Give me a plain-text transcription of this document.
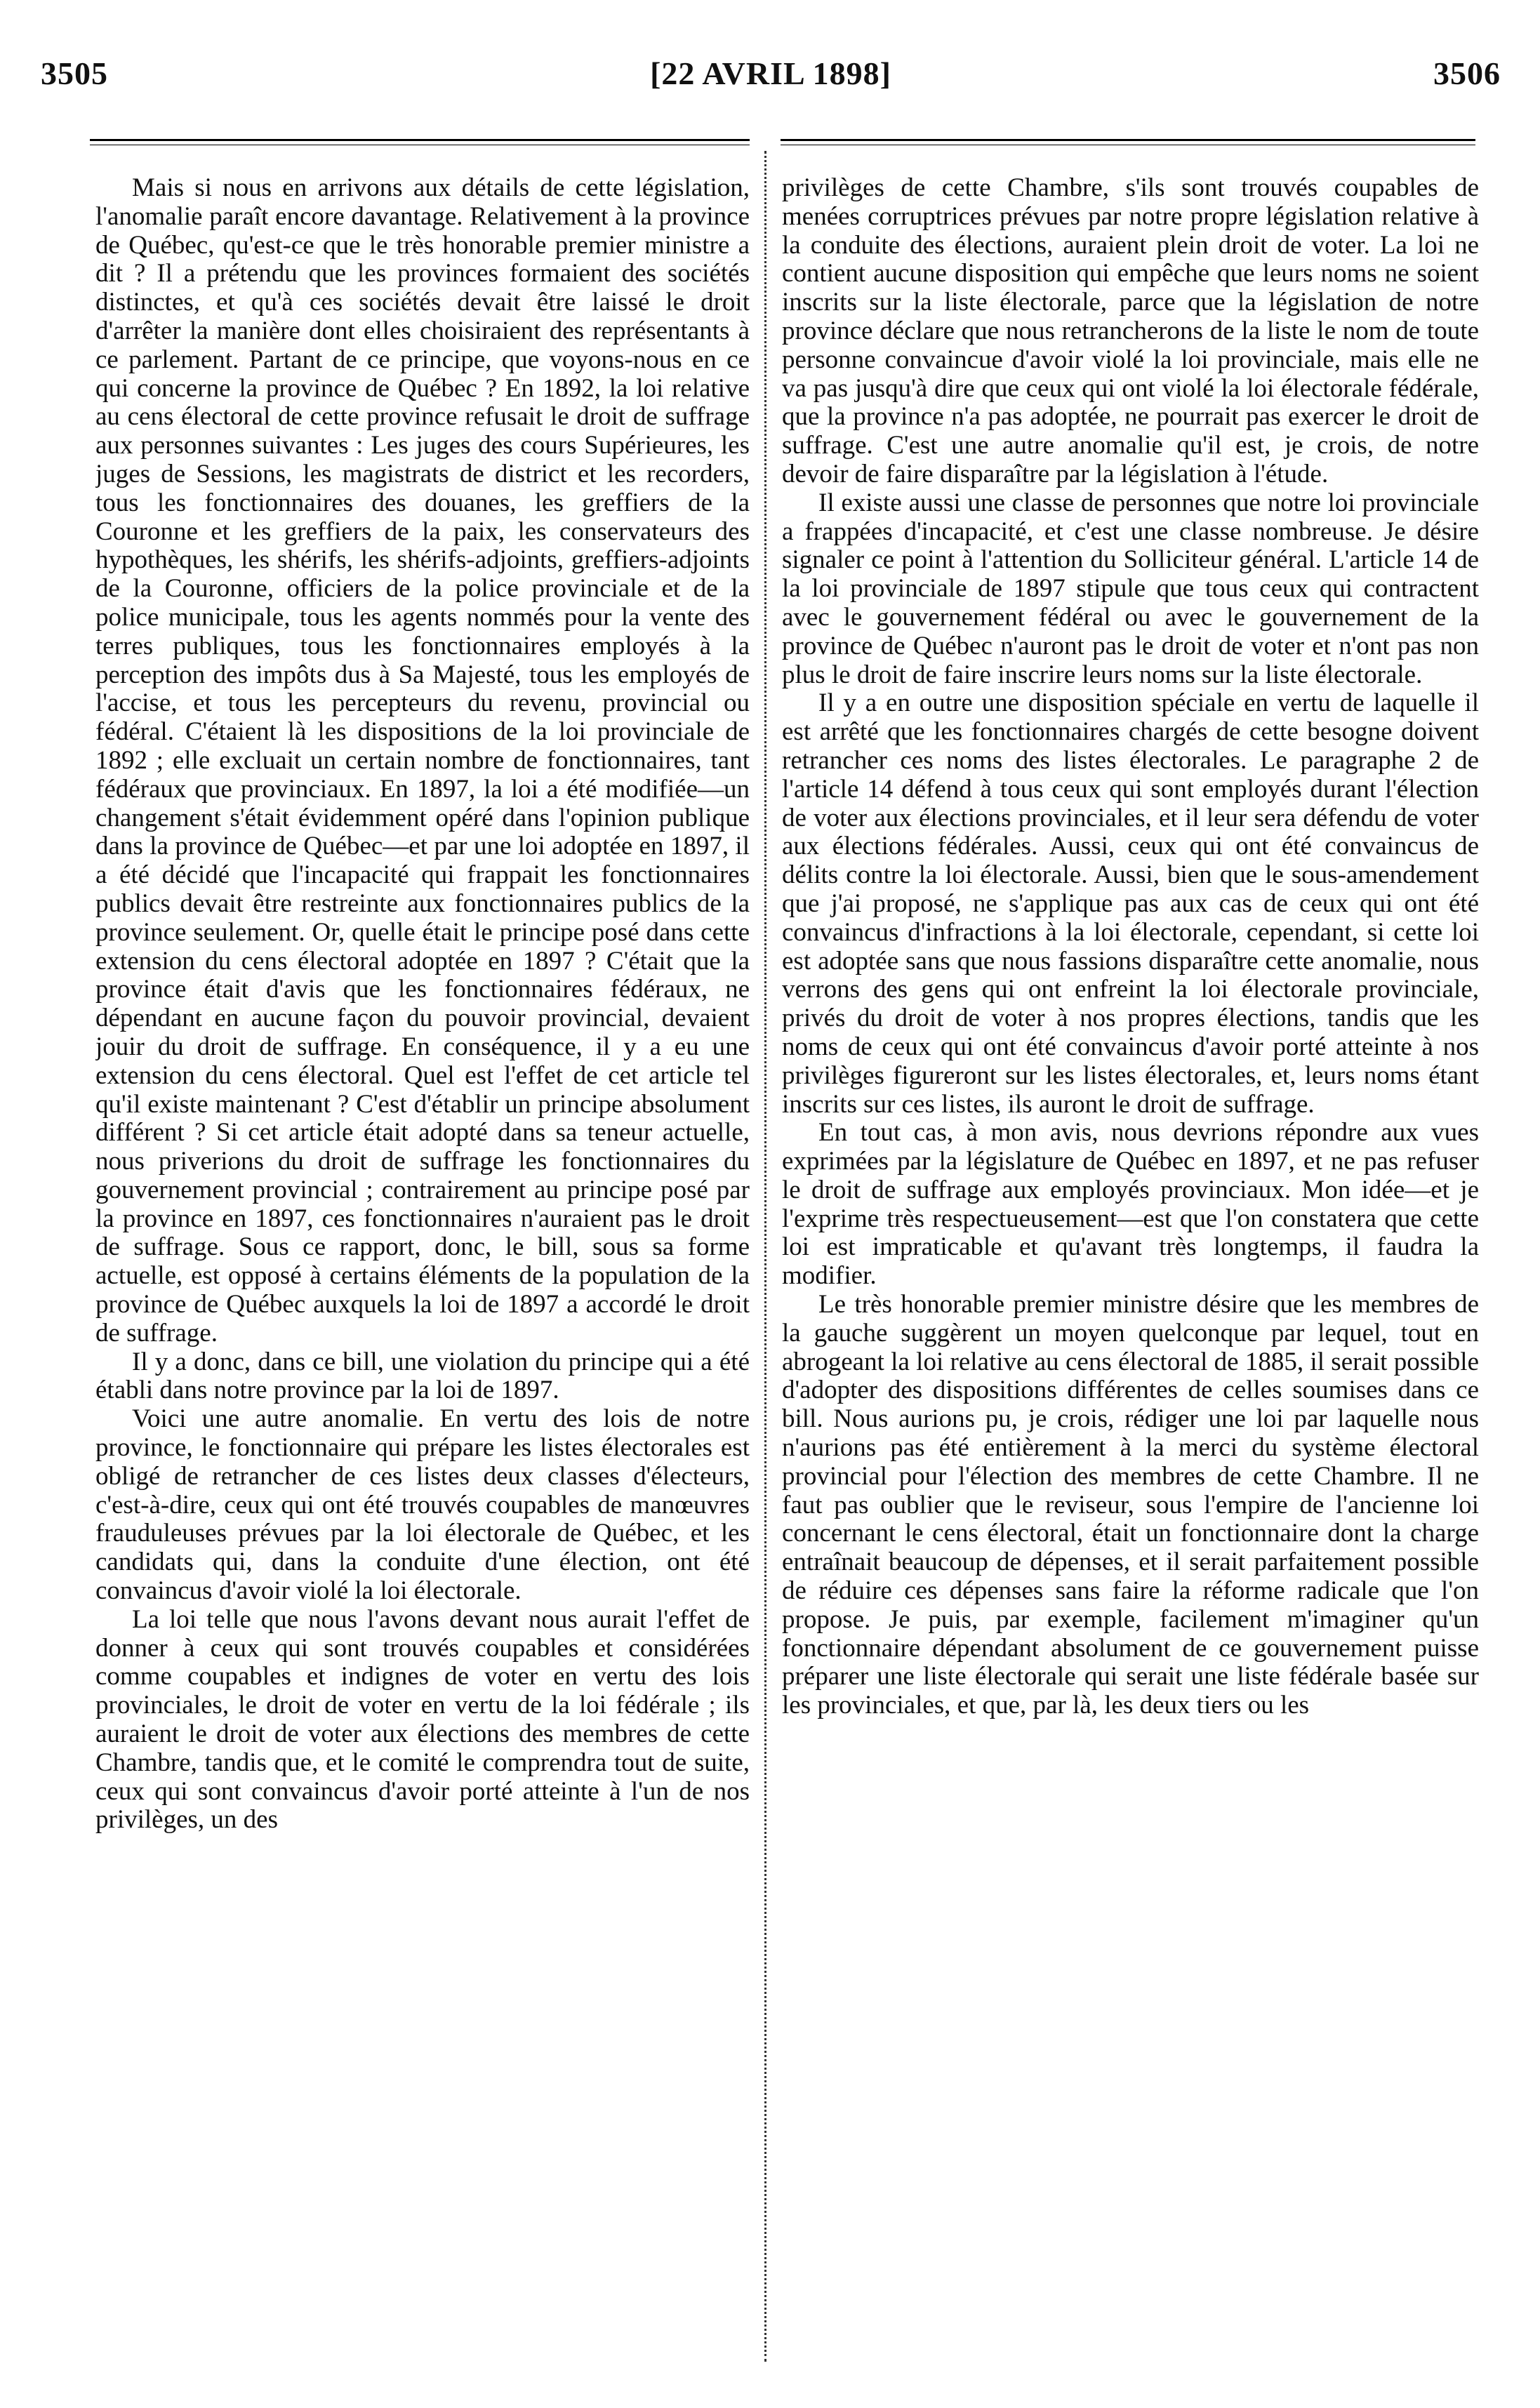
3505	[22 AVRIL 1898]	3506

Mais si nous en arrivons aux détails de cette législation, l'anomalie paraît encore davantage. Relativement à la province de Québec, qu'est-ce que le très honorable premier ministre a dit ? Il a prétendu que les provinces formaient des sociétés distinctes, et qu'à ces sociétés devait être laissé le droit d'arrêter la manière dont elles choisiraient des représentants à ce parlement. Partant de ce principe, que voyons-nous en ce qui concerne la province de Québec ? En 1892, la loi relative au cens électoral de cette province refusait le droit de suffrage aux personnes suivantes : Les juges des cours Supérieures, les juges de Sessions, les magistrats de district et les recorders, tous les fonctionnaires des douanes, les greffiers de la Couronne et les greffiers de la paix, les conservateurs des hypothèques, les shérifs, les shérifs-adjoints, greffiers-adjoints de la Couronne, officiers de la police provinciale et de la police municipale, tous les agents nommés pour la vente des terres publiques, tous les fonctionnaires employés à la perception des impôts dus à Sa Majesté, tous les employés de l'accise, et tous les percepteurs du revenu, provincial ou fédéral. C'étaient là les dispositions de la loi provinciale de 1892 ; elle excluait un certain nombre de fonctionnaires, tant fédéraux que provinciaux. En 1897, la loi a été modifiée—un changement s'était évidemment opéré dans l'opinion publique dans la province de Québec—et par une loi adoptée en 1897, il a été décidé que l'incapacité qui frappait les fonctionnaires publics devait être restreinte aux fonctionnaires publics de la province seulement. Or, quelle était le principe posé dans cette extension du cens électoral adoptée en 1897 ? C'était que la province était d'avis que les fonctionnaires fédéraux, ne dépendant en aucune façon du pouvoir provincial, devaient jouir du droit de suffrage. En conséquence, il y a eu une extension du cens électoral. Quel est l'effet de cet article tel qu'il existe maintenant ? C'est d'établir un principe absolument différent ? Si cet article était adopté dans sa teneur actuelle, nous priverions du droit de suffrage les fonctionnaires du gouvernement provincial ; contrairement au principe posé par la province en 1897, ces fonctionnaires n'auraient pas le droit de suffrage. Sous ce rapport, donc, le bill, sous sa forme actuelle, est opposé à certains éléments de la population de la province de Québec auxquels la loi de 1897 a accordé le droit de suffrage.

Il y a donc, dans ce bill, une violation du principe qui a été établi dans notre province par la loi de 1897.

Voici une autre anomalie. En vertu des lois de notre province, le fonctionnaire qui prépare les listes électorales est obligé de retrancher de ces listes deux classes d'électeurs, c'est-à-dire, ceux qui ont été trouvés coupables de manœuvres frauduleuses prévues par la loi électorale de Québec, et les candidats qui, dans la conduite d'une élection, ont été convaincus d'avoir violé la loi électorale.

La loi telle que nous l'avons devant nous aurait l'effet de donner à ceux qui sont trouvés coupables et considérées comme coupables et indignes de voter en vertu des lois provinciales, le droit de voter en vertu de la loi fédérale ; ils auraient le droit de voter aux élections des membres de cette Chambre, tandis que, et le comité le comprendra tout de suite, ceux qui sont convaincus d'avoir porté atteinte à l'un de nos privilèges, un des

privilèges de cette Chambre, s'ils sont trouvés coupables de menées corruptrices prévues par notre propre législation relative à la conduite des élections, auraient plein droit de voter. La loi ne contient aucune disposition qui empêche que leurs noms ne soient inscrits sur la liste électorale, parce que la législation de notre province déclare que nous retrancherons de la liste le nom de toute personne convaincue d'avoir violé la loi provinciale, mais elle ne va pas jusqu'à dire que ceux qui ont violé la loi électorale fédérale, que la province n'a pas adoptée, ne pourrait pas exercer le droit de suffrage. C'est une autre anomalie qu'il est, je crois, de notre devoir de faire disparaître par la législation à l'étude.

Il existe aussi une classe de personnes que notre loi provinciale a frappées d'incapacité, et c'est une classe nombreuse. Je désire signaler ce point à l'attention du Solliciteur général. L'article 14 de la loi provinciale de 1897 stipule que tous ceux qui contractent avec le gouvernement fédéral ou avec le gouvernement de la province de Québec n'auront pas le droit de voter et n'ont pas non plus le droit de faire inscrire leurs noms sur la liste électorale.

Il y a en outre une disposition spéciale en vertu de laquelle il est arrêté que les fonctionnaires chargés de cette besogne doivent retrancher ces noms des listes électorales. Le paragraphe 2 de l'article 14 défend à tous ceux qui sont employés durant l'élection de voter aux élections provinciales, et il leur sera défendu de voter aux élections fédérales. Aussi, ceux qui ont été convaincus de délits contre la loi électorale. Aussi, bien que le sous-amendement que j'ai proposé, ne s'applique pas aux cas de ceux qui ont été convaincus d'infractions à la loi électorale, cependant, si cette loi est adoptée sans que nous fassions disparaître cette anomalie, nous verrons des gens qui ont enfreint la loi électorale provinciale, privés du droit de voter à nos propres élections, tandis que les noms de ceux qui ont été convaincus d'avoir porté atteinte à nos privilèges figureront sur les listes électorales, et, leurs noms étant inscrits sur ces listes, ils auront le droit de suffrage.

En tout cas, à mon avis, nous devrions répondre aux vues exprimées par la législature de Québec en 1897, et ne pas refuser le droit de suffrage aux employés provinciaux. Mon idée—et je l'exprime très respectueusement—est que l'on constatera que cette loi est impraticable et qu'avant très longtemps, il faudra la modifier.

Le très honorable premier ministre désire que les membres de la gauche suggèrent un moyen quelconque par lequel, tout en abrogeant la loi relative au cens électoral de 1885, il serait possible d'adopter des dispositions différentes de celles soumises dans ce bill. Nous aurions pu, je crois, rédiger une loi par laquelle nous n'aurions pas été entièrement à la merci du système électoral provincial pour l'élection des membres de cette Chambre. Il ne faut pas oublier que le reviseur, sous l'empire de l'ancienne loi concernant le cens électoral, était un fonctionnaire dont la charge entraînait beaucoup de dépenses, et il serait parfaitement possible de réduire ces dépenses sans faire la réforme radicale que l'on propose. Je puis, par exemple, facilement m'imaginer qu'un fonctionnaire dépendant absolument de ce gouvernement puisse préparer une liste électorale qui serait une liste fédérale basée sur les provinciales, et que, par là, les deux tiers ou les
